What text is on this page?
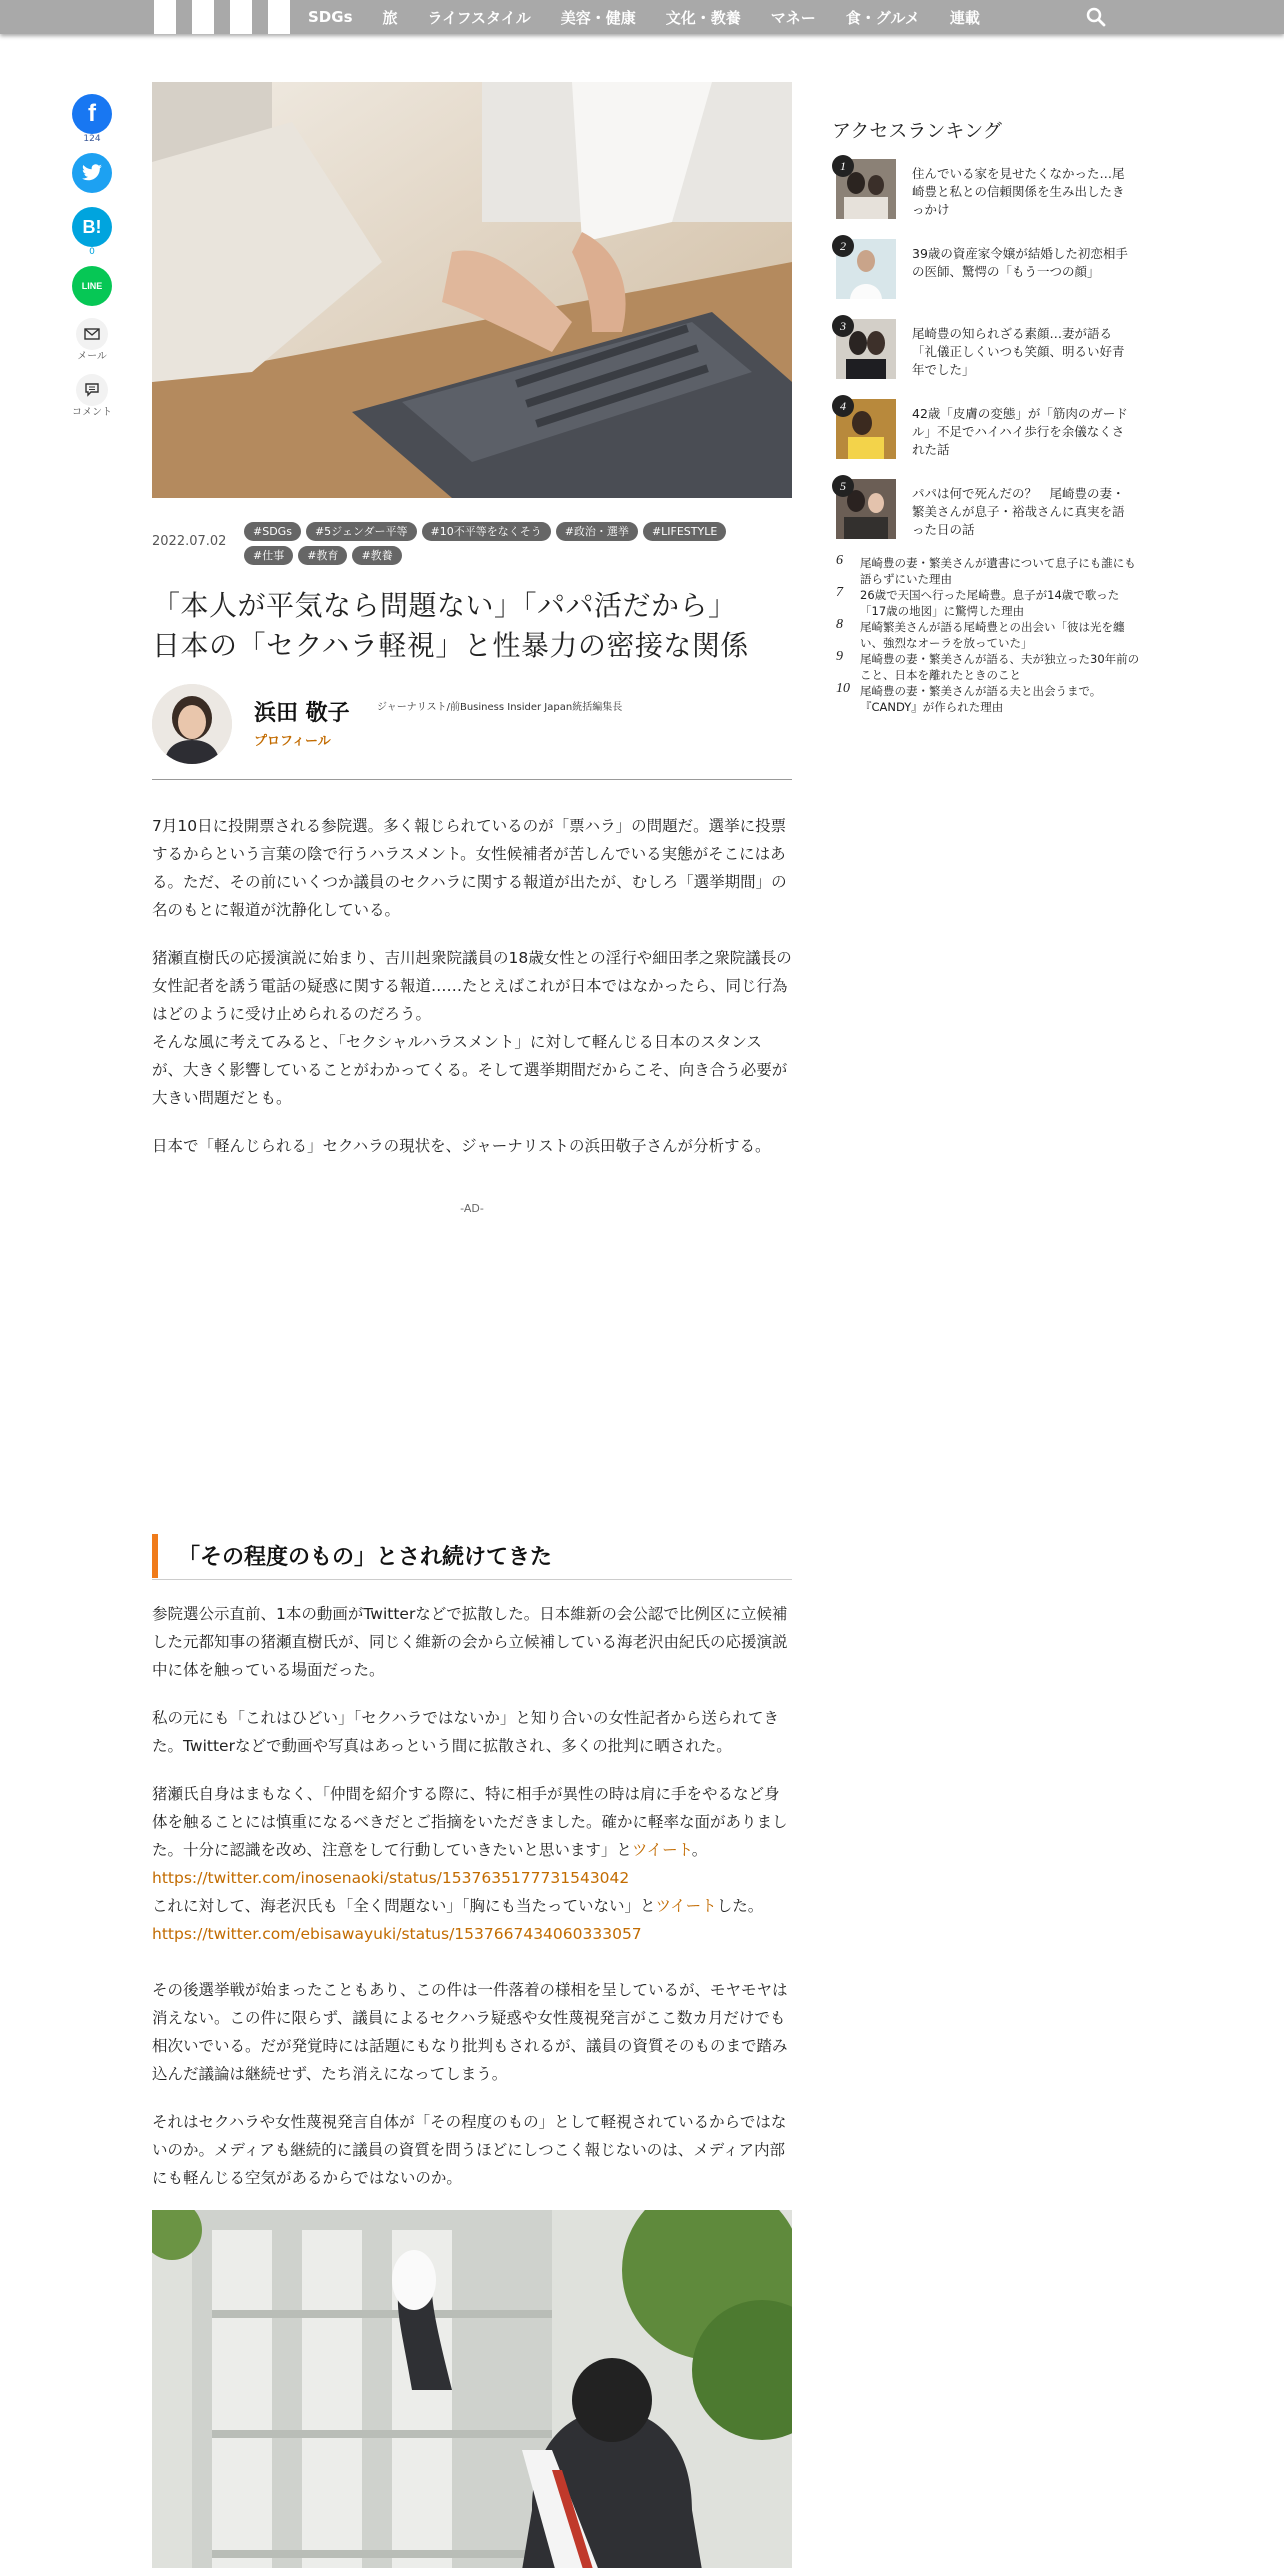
SDGs 旅 ライフスタイル 美容・健康 文化・教養 マネー 食・グルメ 連載
f
124
B!
0
LINE
メール
コメント
2022.07.02
#SDGs	#5ジェンダー平等	#10不平等をなくそう	#政治・選挙	#LIFESTYLE
#仕事	#教育	#教養
「本人が平気なら問題ない」「パパ活だから」
日本の「セクハラ軽視」と性暴力の密接な関係
浜田 敬子	ジャーナリスト/前Business Insider Japan統括編集長
プロフィール

7月10日に投開票される参院選。多く報じられているのが「票ハラ」の問題だ。選挙に投票するからという言葉の陰で行うハラスメント。女性候補者が苦しんでいる実態がそこにはある。ただ、その前にいくつか議員のセクハラに関する報道が出たが、むしろ「選挙期間」の名のもとに報道が沈静化している。

猪瀬直樹氏の応援演説に始まり、吉川赳衆院議員の18歳女性との淫行や細田孝之衆院議長の女性記者を誘う電話の疑惑に関する報道……たとえばこれが日本ではなかったら、同じ行為はどのように受け止められるのだろう。
そんな風に考えてみると、「セクシャルハラスメント」に対して軽んじる日本のスタンスが、大きく影響していることがわかってくる。そして選挙期間だからこそ、向き合う必要が大きい問題だとも。

日本で「軽んじられる」セクハラの現状を、ジャーナリストの浜田敬子さんが分析する。

-AD-
「その程度のもの」とされ続けてきた

参院選公示直前、1本の動画がTwitterなどで拡散した。日本維新の会公認で比例区に立候補した元都知事の猪瀬直樹氏が、同じく維新の会から立候補している海老沢由紀氏の応援演説中に体を触っている場面だった。

私の元にも「これはひどい」「セクハラではないか」と知り合いの女性記者から送られてきた。Twitterなどで動画や写真はあっという間に拡散され、多くの批判に晒された。

猪瀬氏自身はまもなく、「仲間を紹介する際に、特に相手が異性の時は肩に手をやるなど身体を触ることには慎重になるべきだとご指摘をいただきました。確かに軽率な面がありました。十分に認識を改め、注意をして行動していきたいと思います」とツイート。
https://twitter.com/inosenaoki/status/1537635177731543042
これに対して、海老沢氏も「全く問題ない」「胸にも当たっていない」とツイートした。
https://twitter.com/ebisawayuki/status/1537667434060333057

その後選挙戦が始まったこともあり、この件は一件落着の様相を呈しているが、モヤモヤは消えない。この件に限らず、議員によるセクハラ疑惑や女性蔑視発言がここ数カ月だけでも相次いでいる。だが発覚時には話題にもなり批判もされるが、議員の資質そのものまで踏み込んだ議論は継続せず、たち消えになってしまう。

それはセクハラや女性蔑視発言自体が「その程度のもの」として軽視されているからではないのか。メディアも継続的に議員の資質を問うほどにしつこく報じないのは、メディア内部にも軽んじる空気があるからではないのか。

アクセスランキング
1	住んでいる家を見せたくなかった…尾崎豊と私との信頼関係を生み出したきっかけ
2	39歳の資産家令嬢が結婚した初恋相手の医師、驚愕の「もう一つの顔」
3	尾崎豊の知られざる素顔…妻が語る「礼儀正しくいつも笑顔、明るい好青年でした」
4	42歳「皮膚の変態」が「筋肉のガードル」不足でハイハイ歩行を余儀なくされた話
5	パパは何で死んだの？　尾崎豊の妻・繁美さんが息子・裕哉さんに真実を語った日の話
6	尾崎豊の妻・繁美さんが遺書について息子にも誰にも語らずにいた理由
7	26歳で天国へ行った尾崎豊。息子が14歳で歌った「17歳の地図」に驚愕した理由
8	尾崎繁美さんが語る尾崎豊との出会い「彼は光を纏い、強烈なオーラを放っていた」
9	尾崎豊の妻・繁美さんが語る、夫が独立った30年前のこと、日本を離れたときのこと
10 尾崎豊の妻・繁美さんが語る夫と出会うまで。『CANDY』が作られた理由
